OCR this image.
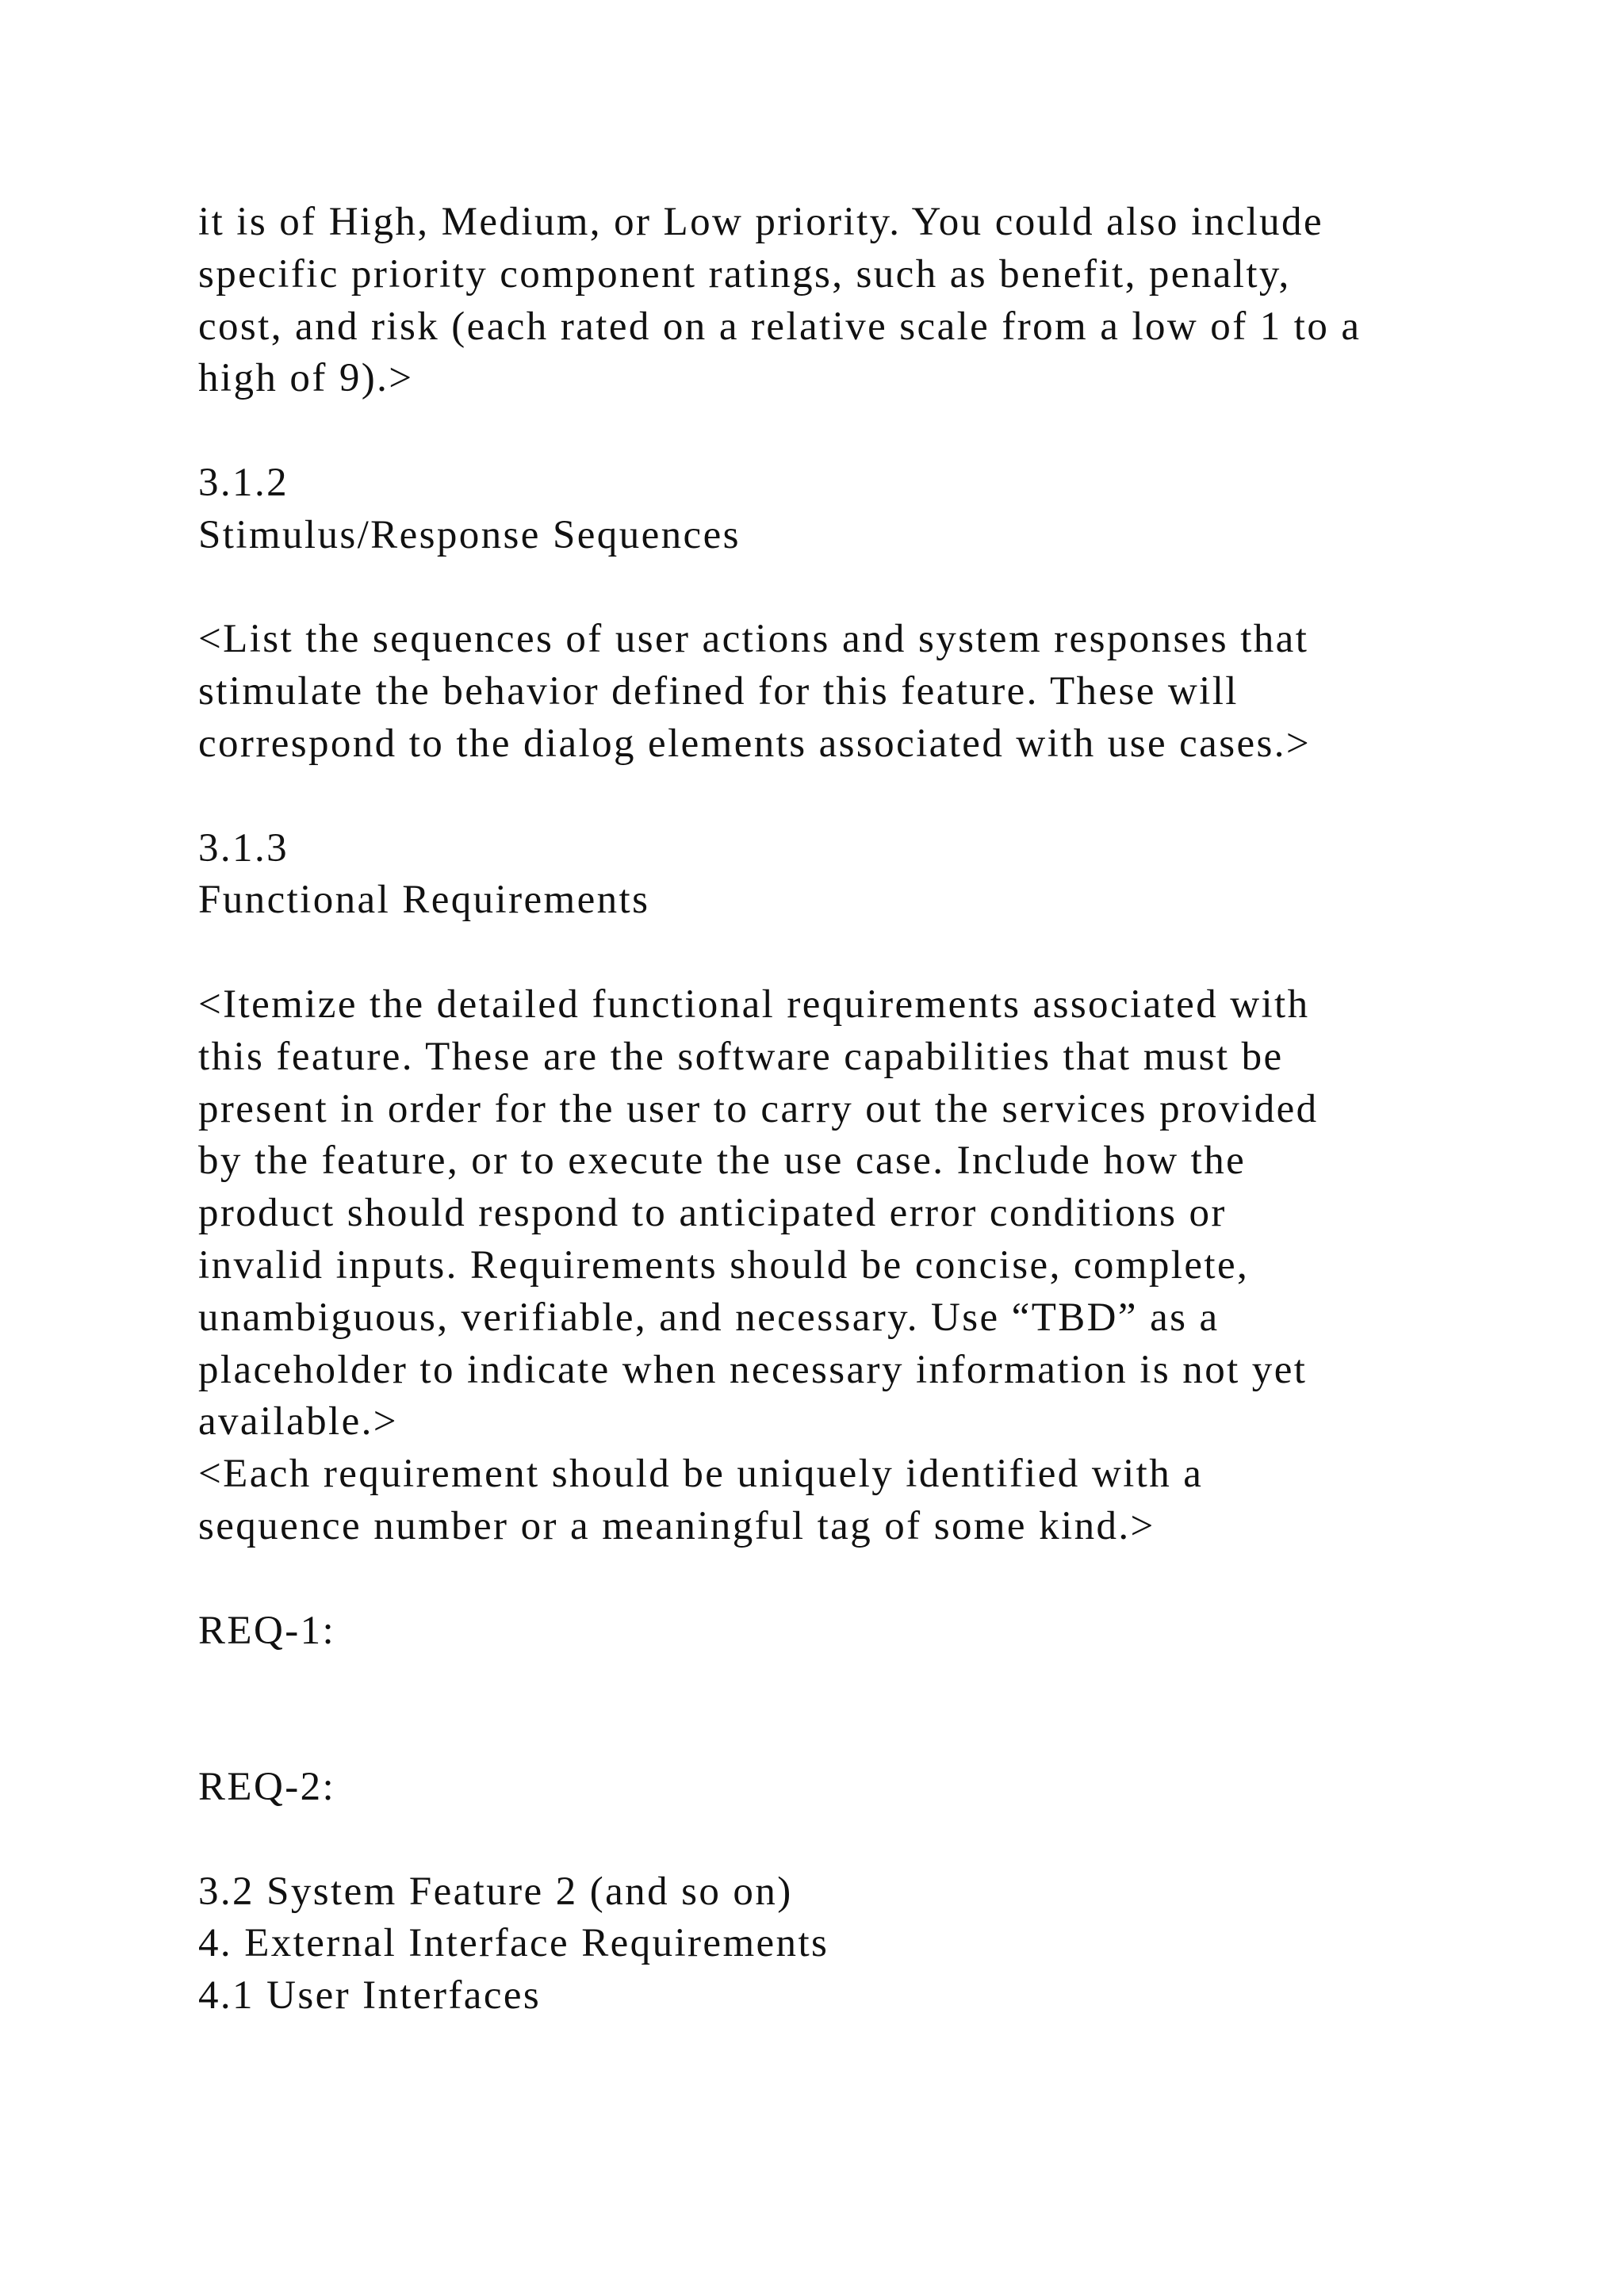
it is of High, Medium, or Low priority. You could also include
specific priority component ratings, such as benefit, penalty,
cost, and risk (each rated on a relative scale from a low of 1 to a
high of 9).>
3.1.2
Stimulus/Response Sequences
<List the sequences of user actions and system responses that
stimulate the behavior defined for this feature. These will
correspond to the dialog elements associated with use cases.>
3.1.3
Functional Requirements
<Itemize the detailed functional requirements associated with
this feature. These are the software capabilities that must be
present in order for the user to carry out the services provided
by the feature, or to execute the use case. Include how the
product should respond to anticipated error conditions or
invalid inputs. Requirements should be concise, complete,
unambiguous, verifiable, and necessary. Use “TBD” as a
placeholder to indicate when necessary information is not yet
available.>
<Each requirement should be uniquely identified with a
sequence number or a meaningful tag of some kind.>
REQ-1:
REQ-2:
3.2 System Feature 2 (and so on)
4. External Interface Requirements
4.1 User Interfaces
